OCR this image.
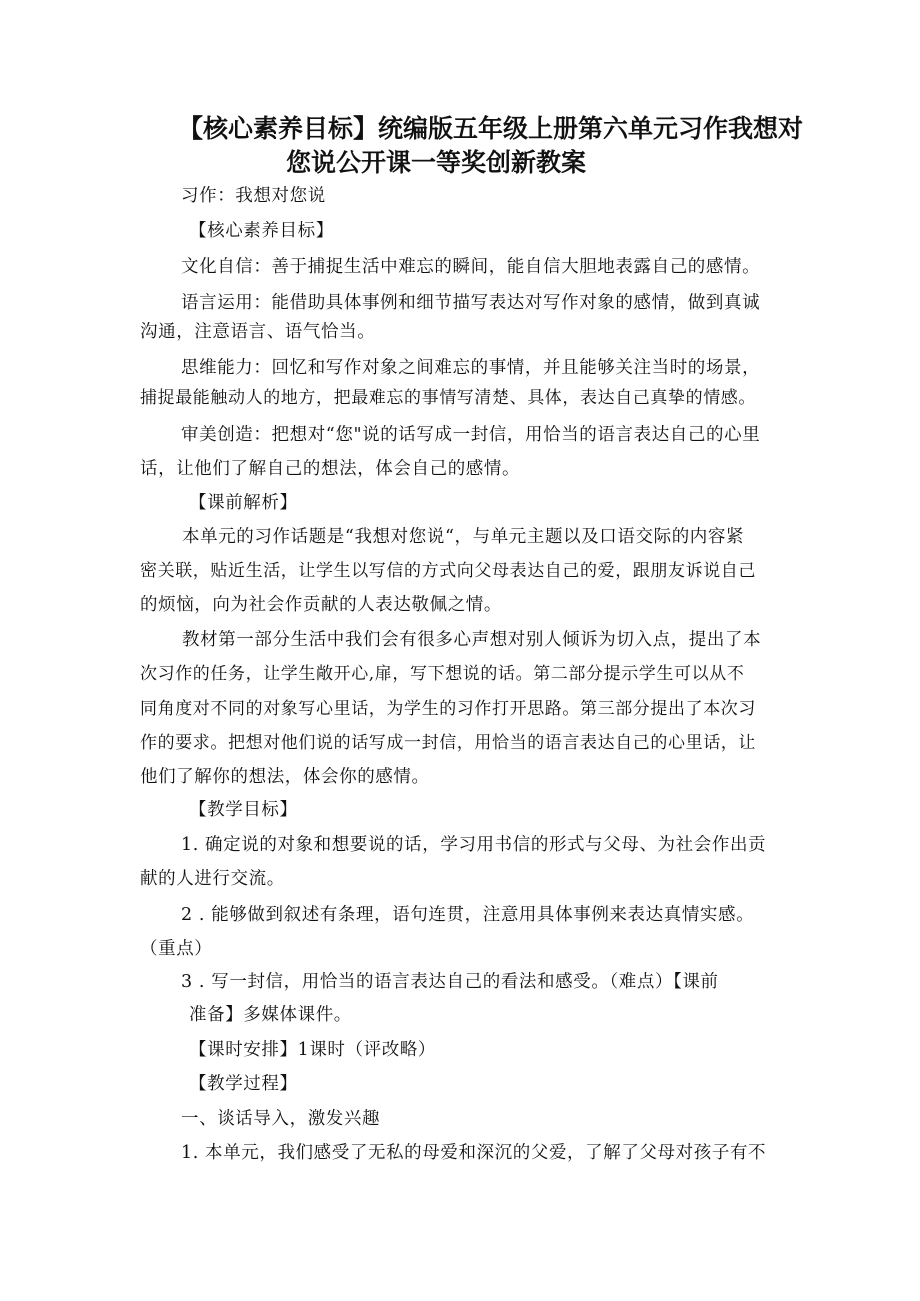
【核心素养目标】统编版五年级上册第六单元习作我想对
您说公开课一等奖创新教案
习作：我想对您说
【核心素养目标】
文化自信：善于捕捉生活中难忘的瞬间，能自信大胆地表露自己的感情。
语言运用：能借助具体事例和细节描写表达对写作对象的感情，做到真诚
沟通，注意语言、语气恰当。
思维能力：回忆和写作对象之间难忘的事情，并且能够关注当时的场景，
捕捉最能触动人的地方，把最难忘的事情写清楚、具体，表达自己真挚的情感。
审美创造：把想对“您"说的话写成一封信，用恰当的语言表达自己的心里
话，让他们了解自己的想法，体会自己的感情。
【课前解析】
本单元的习作话题是“我想对您说“，与单元主题以及口语交际的内容紧
密关联，贴近生活，让学生以写信的方式向父母表达自己的爱，跟朋友诉说自己
的烦恼，向为社会作贡献的人表达敬佩之情。
教材第一部分生活中我们会有很多心声想对别人倾诉为切入点，提出了本
次习作的任务，让学生敞开心,扉，写下想说的话。第二部分提示学生可以从不
同角度对不同的对象写心里话，为学生的习作打开思路。第三部分提出了本次习
作的要求。把想对他们说的话写成一封信，用恰当的语言表达自己的心里话，让
他们了解你的想法，体会你的感情。
【教学目标】
1. 确定说的对象和想要说的话，学习用书信的形式与父母、为社会作出贡
献的人进行交流。
2 . 能够做到叙述有条理，语句连贯，注意用具体事例来表达真情实感。
（重点）
3 . 写一封信，用恰当的语言表达自己的看法和感受。（难点）【课前
准备】多媒体课件。
【课时安排】1课时（评改略）
【教学过程】
一、谈话导入，激发兴趣
1. 本单元，我们感受了无私的母爱和深沉的父爱，了解了父母对孩子有不
